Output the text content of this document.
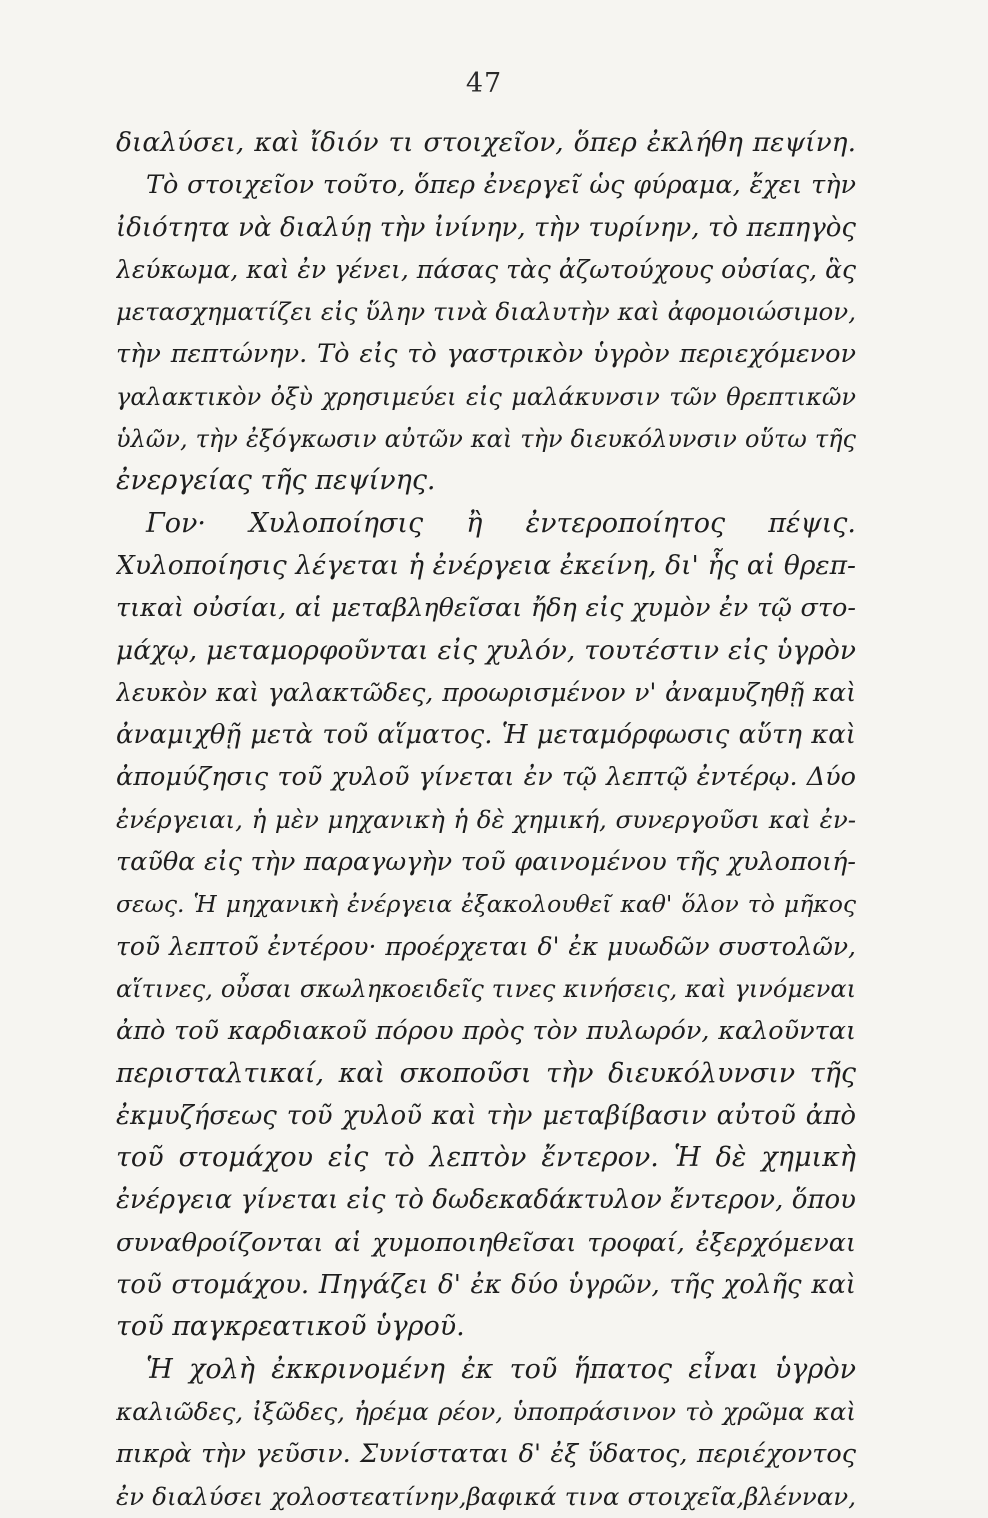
47
διαλύσει, καὶ ἴδιόν τι στοιχεῖον, ὅπερ ἐκλήθη πεψίνη.
Τὸ στοιχεῖον τοῦτο, ὅπερ ἐνεργεῖ ὡς φύραμα, ἔχει τὴν
ἰδιότητα νὰ διαλύῃ τὴν ἰνίνην, τὴν τυρίνην, τὸ πεπηγὸς
λεύκωμα, καὶ ἐν γένει, πάσας τὰς ἀζωτούχους οὐσίας, ἃς
μετασχηματίζει εἰς ὕλην τινὰ διαλυτὴν καὶ ἀφομοιώσιμον,
τὴν πεπτώνην. Τὸ εἰς τὸ γαστρικὸν ὑγρὸν περιεχόμενον
γαλακτικὸν ὀξὺ χρησιμεύει εἰς μαλάκυνσιν τῶν θρεπτικῶν
ὑλῶν, τὴν ἐξόγκωσιν αὐτῶν καὶ τὴν διευκόλυνσιν οὕτω τῆς
ἐνεργείας τῆς πεψίνης.
Γον· Χυλοποίησις ἢ ἐντεροποίητος πέψις.
Χυλοποίησις λέγεται ἡ ἐνέργεια ἐκείνη, δι' ἧς αἱ θρεπ-
τικαὶ οὐσίαι, αἱ μεταβληθεῖσαι ἤδη εἰς χυμὸν ἐν τῷ στο-
μάχῳ, μεταμορφοῦνται εἰς χυλόν, τουτέστιν εἰς ὑγρὸν
λευκὸν καὶ γαλακτῶδες, προωρισμένον ν' ἀναμυζηθῇ καὶ
ἀναμιχθῇ μετὰ τοῦ αἵματος. Ἡ μεταμόρφωσις αὕτη καὶ
ἀπομύζησις τοῦ χυλοῦ γίνεται ἐν τῷ λεπτῷ ἐντέρῳ. Δύο
ἐνέργειαι, ἡ μὲν μηχανικὴ ἡ δὲ χημική, συνεργοῦσι καὶ ἐν-
ταῦθα εἰς τὴν παραγωγὴν τοῦ φαινομένου τῆς χυλοποιή-
σεως. Ἡ μηχανικὴ ἐνέργεια ἐξακολουθεῖ καθ' ὅλον τὸ μῆκος
τοῦ λεπτοῦ ἐντέρου· προέρχεται δ' ἐκ μυωδῶν συστολῶν,
αἵτινες, οὖσαι σκωληκοειδεῖς τινες κινήσεις, καὶ γινόμεναι
ἀπὸ τοῦ καρδιακοῦ πόρου πρὸς τὸν πυλωρόν, καλοῦνται
περισταλτικαί, καὶ σκοποῦσι τὴν διευκόλυνσιν τῆς
ἐκμυζήσεως τοῦ χυλοῦ καὶ τὴν μεταβίβασιν αὐτοῦ ἀπὸ
τοῦ στομάχου εἰς τὸ λεπτὸν ἔντερον. Ἡ δὲ χημικὴ
ἐνέργεια γίνεται εἰς τὸ δωδεκαδάκτυλον ἔντερον, ὅπου
συναθροίζονται αἱ χυμοποιηθεῖσαι τροφαί, ἐξερχόμεναι
τοῦ στομάχου. Πηγάζει δ' ἐκ δύο ὑγρῶν, τῆς χολῆς καὶ
τοῦ παγκρεατικοῦ ὑγροῦ.
Ἡ χολὴ ἐκκρινομένη ἐκ τοῦ ἥπατος εἶναι ὑγρὸν
καλιῶδες, ἰξῶδες, ἠρέμα ρέον, ὑποπράσινον τὸ χρῶμα καὶ
πικρὰ τὴν γεῦσιν. Συνίσταται δ' ἐξ ὕδατος, περιέχοντος
ἐν διαλύσει χολοστεατίνην,βαφικά τινα στοιχεῖα,βλένναν,
